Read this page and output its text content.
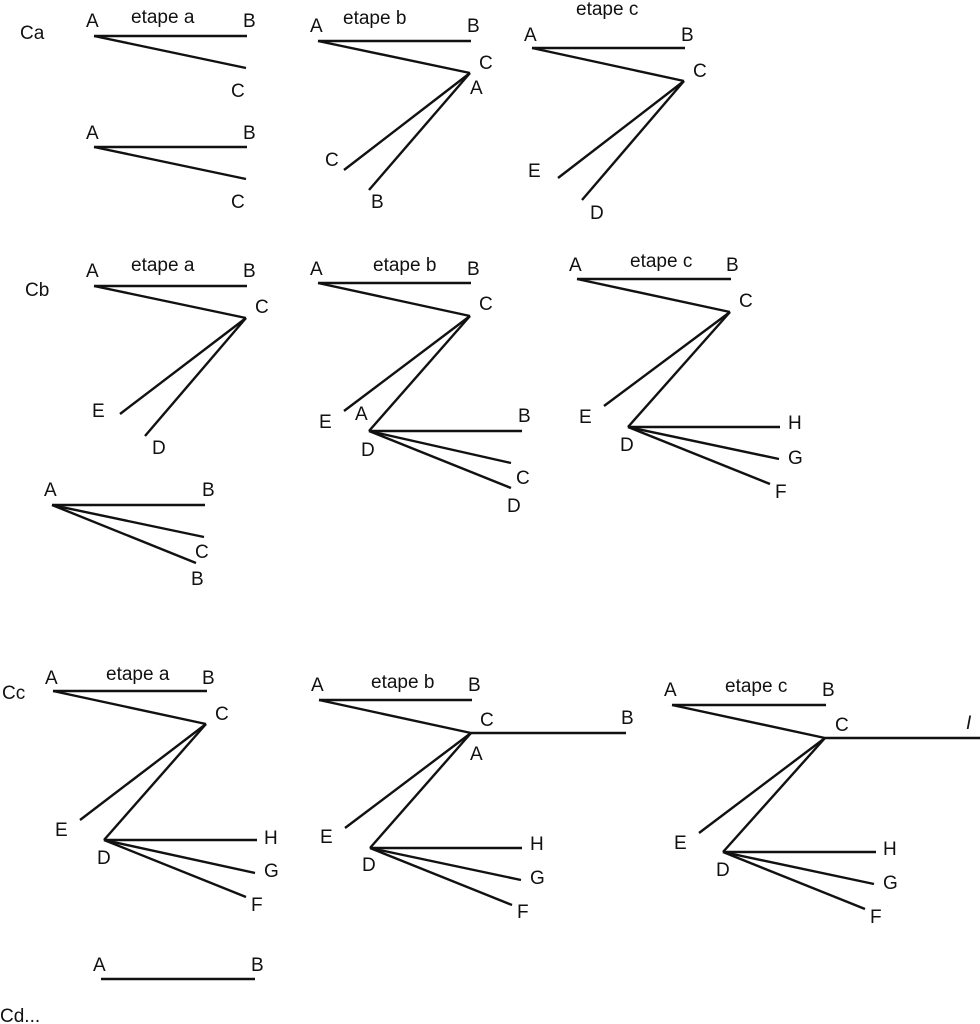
Ca
etape a
A	B
C
A	B
C
etape b
A	B
C
A
C
B
etape c
A	B
C
E
D
Cb
etape a
A	B
C
E
D
A	B
C
B
etape b
A	B
C
E A
D
B
C
D
etape c
A	B
C
E
D
H
G
F
Cc
etape a
A	B
C
E
D
H
G
F
A	B
etape b
A	B
C
A
B
E
D
H
G
F
etape c
A	B
C	I
E
D
H
G
F
Cd...
